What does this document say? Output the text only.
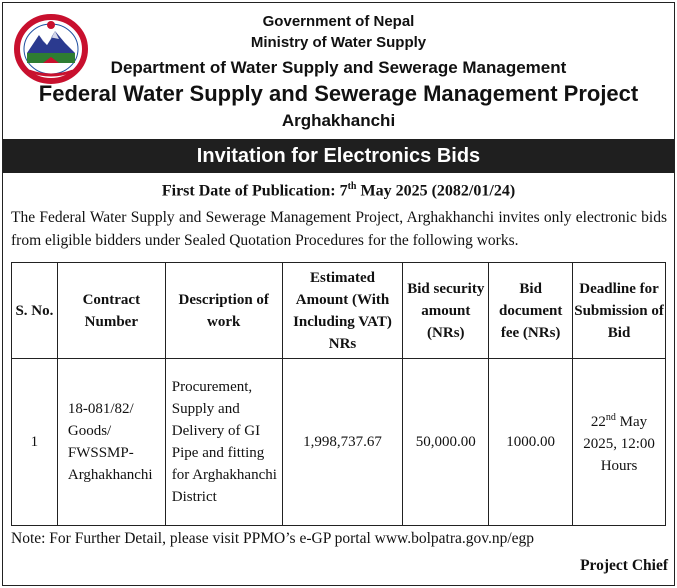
Government of Nepal
Ministry of Water Supply
Department of Water Supply and Sewerage Management
Federal Water Supply and Sewerage Management Project
Arghakhanchi
Invitation for Electronics Bids
First Date of Publication: 7th May 2025 (2082/01/24)

The Federal Water Supply and Sewerage Management Project, Arghakhanchi invites only electronic bids from eligible bidders under Sealed Quotation Procedures for the following works.

S. No.	Contract Number	Description of work	Estimated Amount (With Including VAT) NRs	Bid security amount (NRs)	Bid document fee (NRs)	Deadline for Submission of Bid
1	18-081/82/ Goods/ FWSSMP- Arghakhanchi	Procurement, Supply and Delivery of GI Pipe and fitting for Arghakhanchi District	1,998,737.67	50,000.00	1000.00	22nd May 2025, 12:00 Hours
Note: For Further Detail, please visit PPMO’s e-GP portal www.bolpatra.gov.np/egp
Project Chief
